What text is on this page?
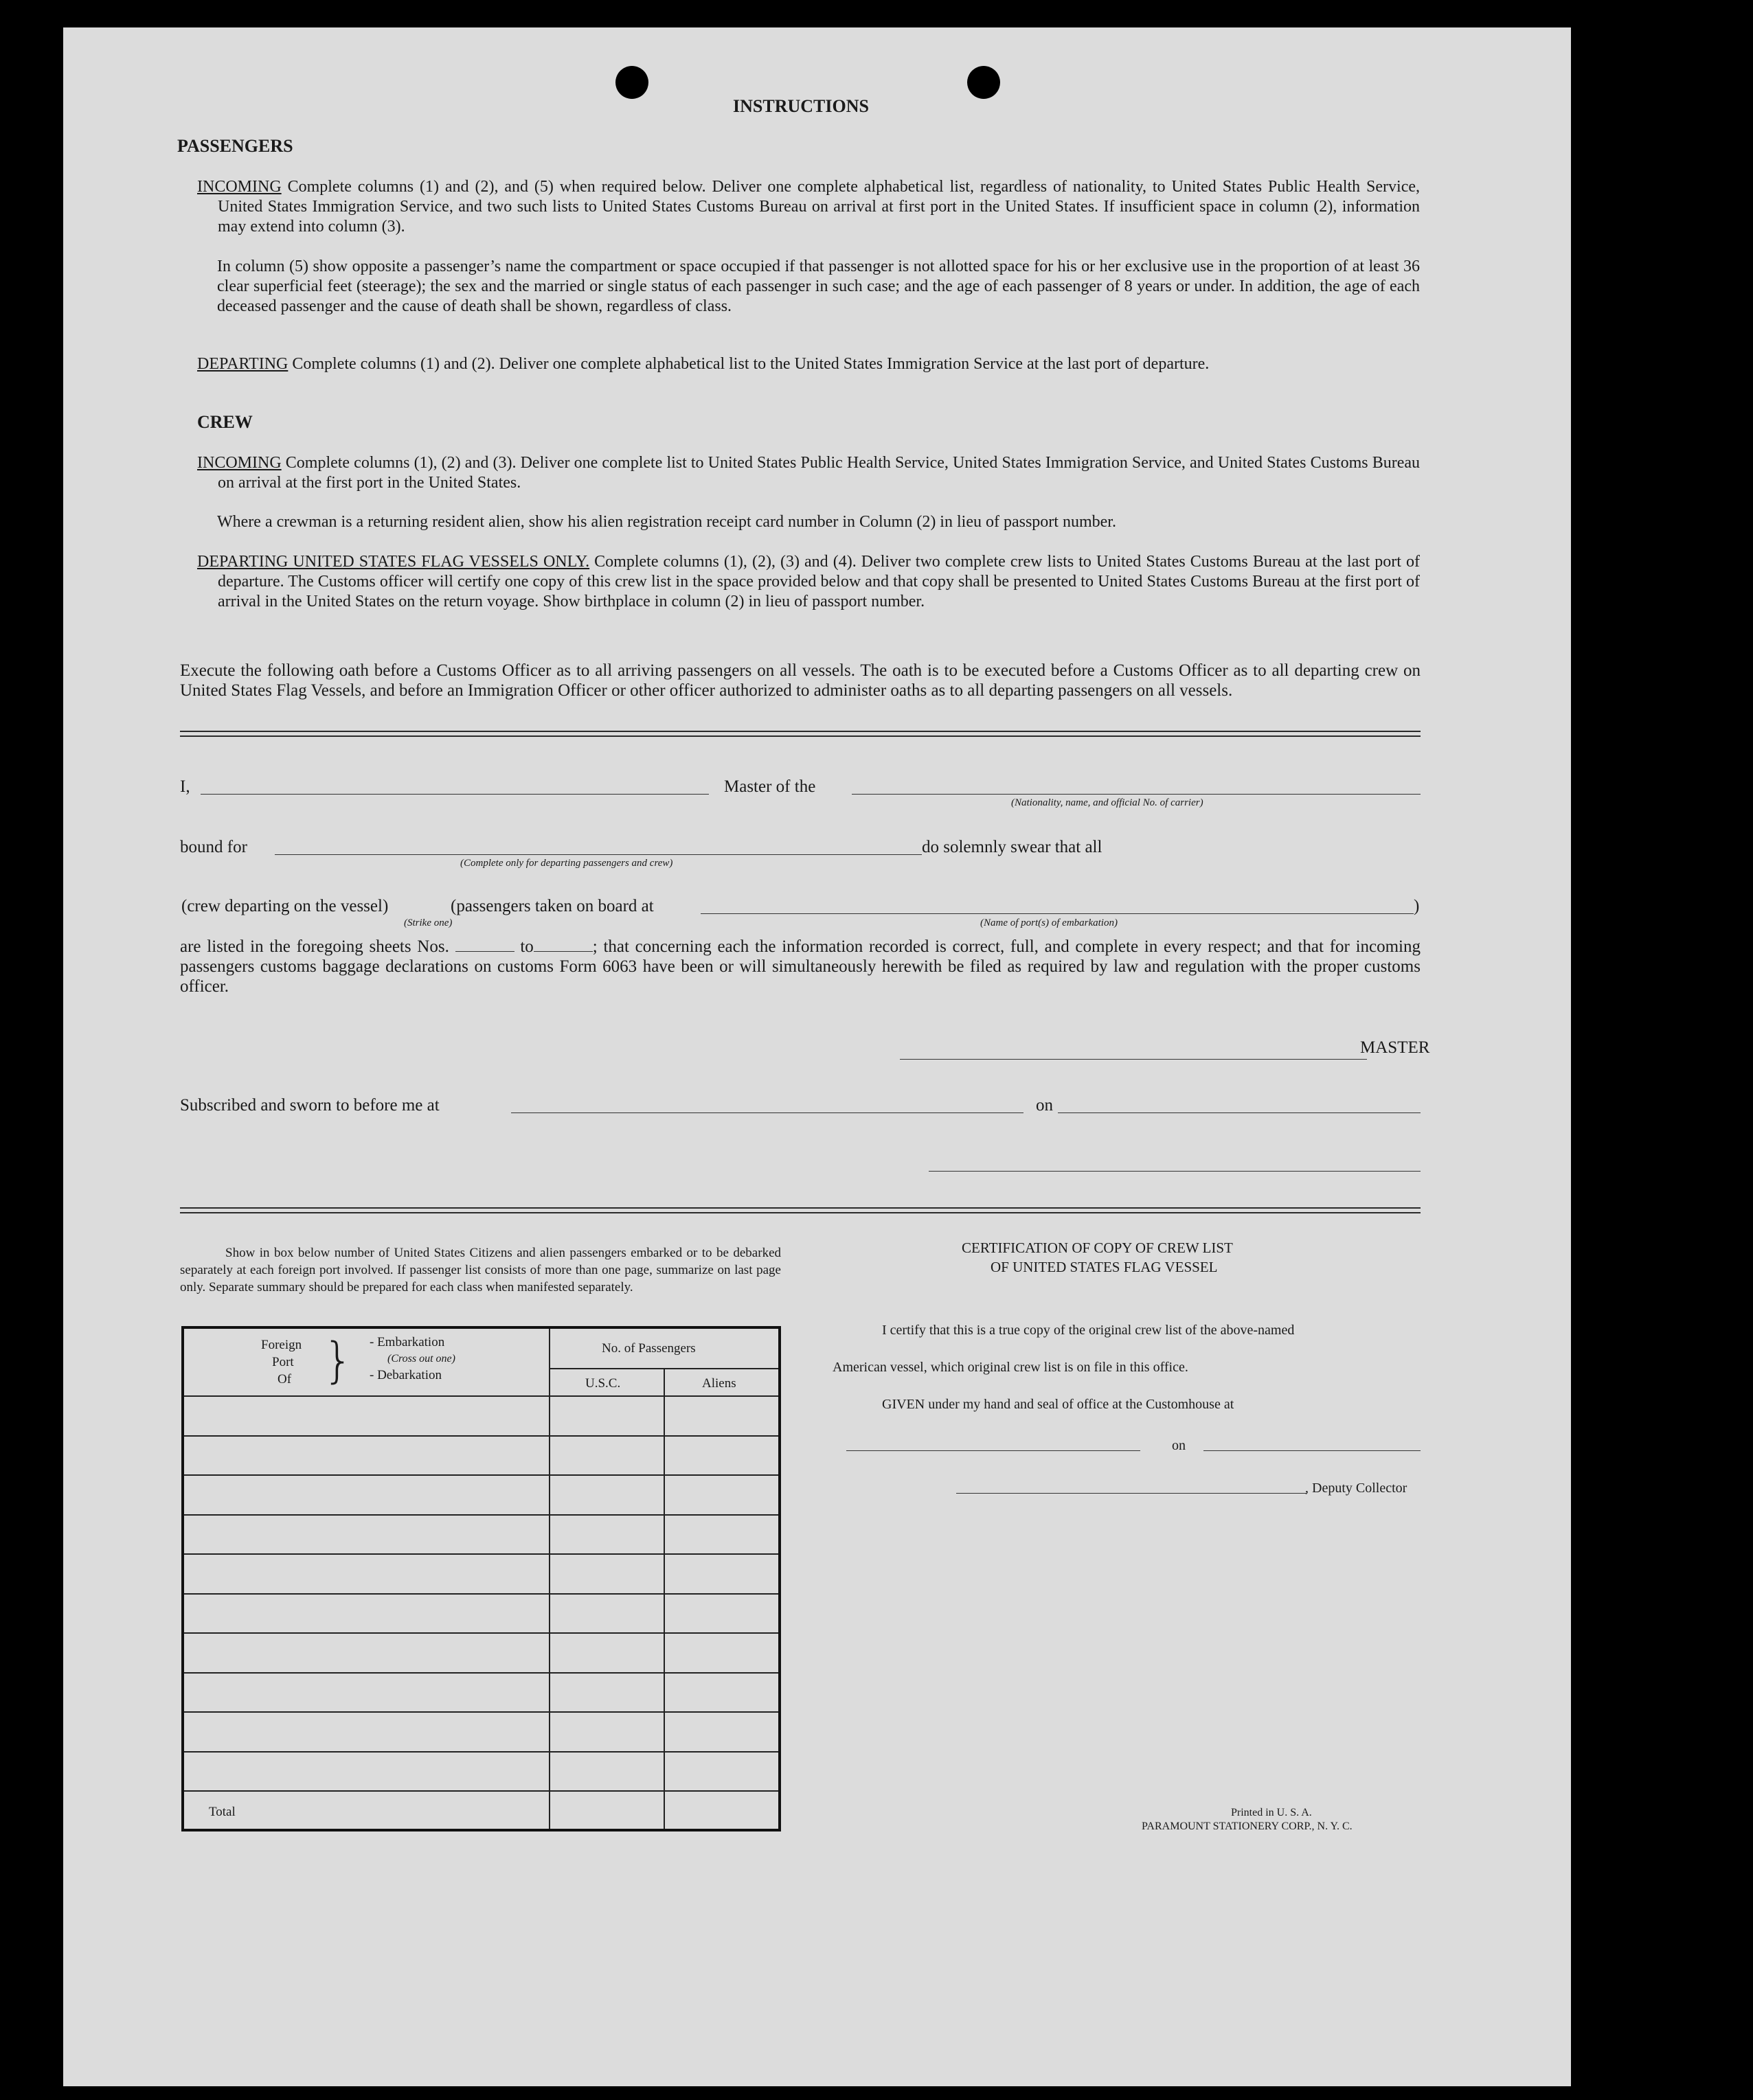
INSTRUCTIONS
PASSENGERS
INCOMING Complete columns (1) and (2), and (5) when required below. Deliver one complete alphabetical list, regardless of nationality, to United States Public Health Service, United States Immigration Service, and two such lists to United States Customs Bureau on arrival at first port in the United States. If insufficient space in column (2), information may extend into column (3).
In column (5) show opposite a passenger’s name the compartment or space occupied if that passenger is not allotted space for his or her exclusive use in the proportion of at least 36 clear superficial feet (steerage); the sex and the married or single status of each passenger in such case; and the age of each passenger of 8 years or under. In addition, the age of each deceased passenger and the cause of death shall be shown, regardless of class.
DEPARTING Complete columns (1) and (2). Deliver one complete alphabetical list to the United States Immigration Service at the last port of departure.
CREW
INCOMING Complete columns (1), (2) and (3). Deliver one complete list to United States Public Health Service, United States Immigration Service, and United States Customs Bureau on arrival at the first port in the United States.
Where a crewman is a returning resident alien, show his alien registration receipt card number in Column (2) in lieu of passport number.
DEPARTING UNITED STATES FLAG VESSELS ONLY. Complete columns (1), (2), (3) and (4). Deliver two complete crew lists to United States Customs Bureau at the last port of departure. The Customs officer will certify one copy of this crew list in the space provided below and that copy shall be presented to United States Customs Bureau at the first port of arrival in the United States on the return voyage. Show birthplace in column (2) in lieu of passport number.
Execute the following oath before a Customs Officer as to all arriving passengers on all vessels. The oath is to be executed before a Customs Officer as to all departing crew on United States Flag Vessels, and before an Immigration Officer or other officer authorized to administer oaths as to all departing passengers on all vessels.
I,	Master of the
(Nationality, name, and official No. of carrier)
bound for
(Complete only for departing passengers and crew)
do solemnly swear that all
(crew departing on the vessel)	(passengers taken on board at
(Strike one)	(Name of port(s) of embarkation)
)
are listed in the foregoing sheets Nos.	to	; that concerning each the information recorded is correct, full, and complete in every respect; and that for incoming passengers customs baggage declarations on customs Form 6063 have been or will simultaneously herewith be filed as required by law and regulation with the proper customs officer.
MASTER
Subscribed and sworn to before me at	on
Show in box below number of United States Citizens and alien passengers embarked or to be debarked separately at each foreign port involved. If passenger list consists of more than one page, summarize on last page only. Separate summary should be prepared for each class when manifested separately.
Foreign
Port
Of } - Embarkation
(Cross out one)
- Debarkation
No. of Passengers
U.S.C.	Aliens
Total
CERTIFICATION OF COPY OF CREW LIST
OF UNITED STATES FLAG VESSEL
I certify that this is a true copy of the original crew list of the above-named
American vessel, which original crew list is on file in this office.
GIVEN under my hand and seal of office at the Customhouse at
on
, Deputy Collector
Printed in U. S. A.
PARAMOUNT STATIONERY CORP., N. Y. C.
